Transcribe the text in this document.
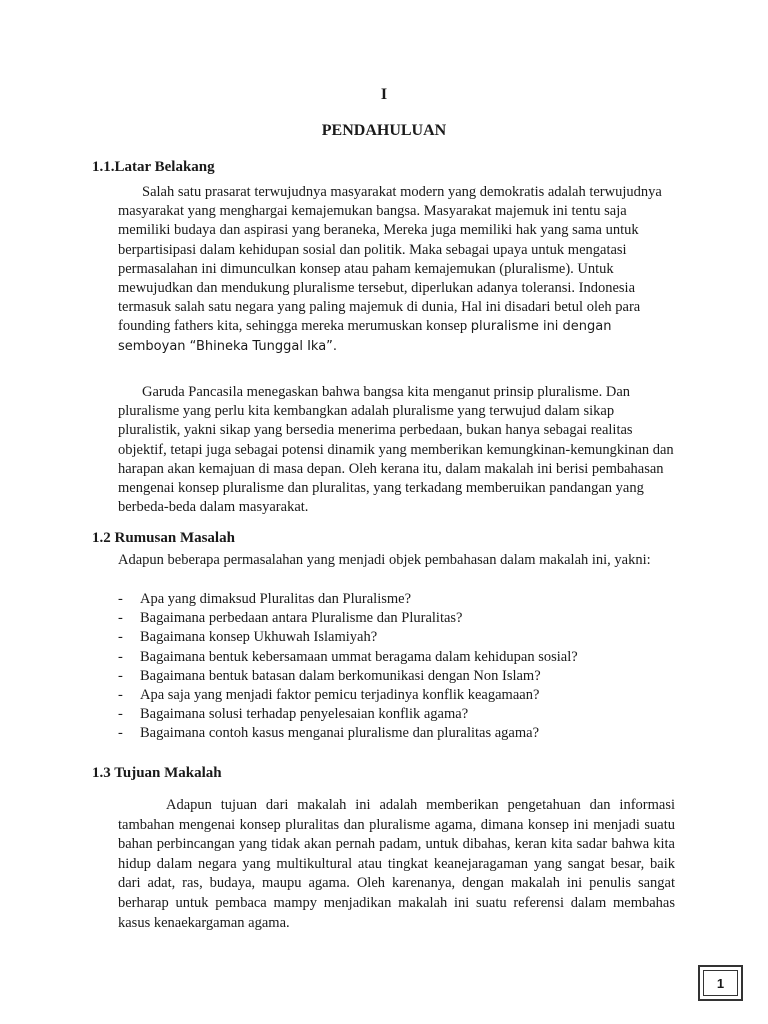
I
PENDAHULUAN
1.1.Latar Belakang

Salah satu prasarat terwujudnya masyarakat modern yang demokratis adalah terwujudnya masyarakat yang menghargai kemajemukan bangsa. Masyarakat majemuk ini tentu saja memiliki budaya dan aspirasi yang beraneka, Mereka juga memiliki hak yang sama untuk berpartisipasi dalam kehidupan sosial dan politik. Maka sebagai upaya untuk mengatasi permasalahan ini dimunculkan konsep atau paham kemajemukan (pluralisme). Untuk mewujudkan dan mendukung pluralisme tersebut, diperlukan adanya toleransi. Indonesia termasuk salah satu negara yang paling majemuk di dunia, Hal ini disadari betul oleh para founding fathers kita, sehingga mereka merumuskan konsep pluralisme ini dengan semboyan “Bhineka Tunggal Ika”.

Garuda Pancasila menegaskan bahwa bangsa kita menganut prinsip pluralisme. Dan pluralisme yang perlu kita kembangkan adalah pluralisme yang terwujud dalam sikap pluralistik, yakni sikap yang bersedia menerima perbedaan, bukan hanya sebagai realitas objektif, tetapi juga sebagai potensi dinamik yang memberikan kemungkinan-kemungkinan dan harapan akan kemajuan di masa depan. Oleh kerana itu, dalam makalah ini berisi pembahasan mengenai konsep pluralisme dan pluralitas, yang terkadang memberuikan pandangan yang berbeda-beda dalam masyarakat.

1.2 Rumusan Masalah

Adapun beberapa permasalahan yang menjadi objek pembahasan dalam makalah ini, yakni:

-	Apa yang dimaksud Pluralitas dan Pluralisme?
-	Bagaimana perbedaan antara Pluralisme dan Pluralitas?
-	Bagaimana konsep Ukhuwah Islamiyah?
-	Bagaimana bentuk kebersamaan ummat beragama dalam kehidupan sosial?
-	Bagaimana bentuk batasan dalam berkomunikasi dengan Non Islam?
-	Apa saja yang menjadi faktor pemicu terjadinya konflik keagamaan?
-	Bagaimana solusi terhadap penyelesaian konflik agama?
-	Bagaimana contoh kasus menganai pluralisme dan pluralitas agama?
1.3 Tujuan Makalah

Adapun tujuan dari makalah ini adalah memberikan pengetahuan dan informasi tambahan mengenai konsep pluralitas dan pluralisme agama, dimana konsep ini menjadi suatu bahan perbincangan yang tidak akan pernah padam, untuk dibahas, keran kita sadar bahwa kita hidup dalam negara yang multikultural atau tingkat keanejaragaman yang sangat besar, baik dari adat, ras, budaya, maupu agama. Oleh karenanya, dengan makalah ini penulis sangat berharap untuk pembaca mampy menjadikan makalah ini suatu referensi dalam membahas kasus kenaekargaman agama.

1
